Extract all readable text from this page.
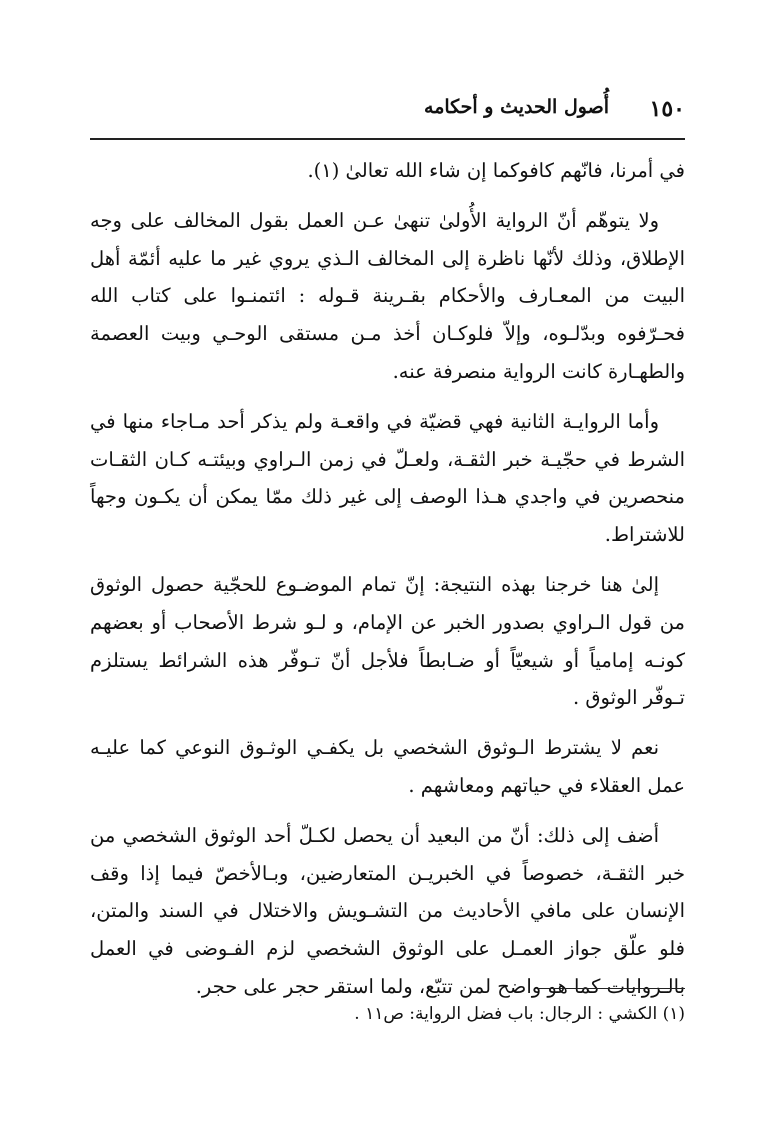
١٥٠
أُصول الحديث و أحكامه

في أمرنا، فانّهم كافوكما إن شاء الله تعالىٰ (١).

ولا يتوهّم أنّ الرواية الأُولىٰ تنهىٰ عـن العمل بقول المخالف على وجه الإطلاق، وذلك لأنّها ناظرة إلى المخالف الـذي يروي غير ما عليه أئمّة أهل البيت من المعـارف والأحكام بقـرينة قـوله : ائتمنـوا على كتاب الله فحـرّفوه وبدّلـوه، وإلاّ فلوكـان أخذ مـن مستقى الوحـي وبيت العصمة والطهـارة كانت الرواية منصرفة عنه.

وأما الروايـة الثانية فهي قضيّة في واقعـة ولم يذكر أحد مـاجاء منها في الشرط في حجّيـة خبر الثقـة، ولعـلّ في زمن الـراوي وبيئتـه كـان الثقـات منحصرين في واجدي هـذا الوصف إلى غير ذلك ممّا يمكن أن يكـون وجهاً للاشتراط.

إلىٰ هنا خرجنا بهذه النتيجة: إنّ تمام الموضـوع للحجّية حصول الوثوق من قول الـراوي بصدور الخبر عن الإمام، و لـو شرط الأصحاب أو بعضهم كونـه إمامياً أو شيعيّاً أو ضـابطاً فلأجل أنّ تـوفّر هذه الشرائط يستلزم تـوفّر الوثوق .

نعم لا يشترط الـوثوق الشخصي بل يكفـي الوثـوق النوعي كما عليـه عمل العقلاء في حياتهم ومعاشهم .

أضف إلى ذلك: أنّ من البعيد أن يحصل لكـلّ أحد الوثوق الشخصي من خبر الثقـة، خصوصاً في الخبريـن المتعارضين، وبـالأخصّ فيما إذا وقف الإنسان على مافي الأحاديث من التشـويش والاختلال في السند والمتن، فلو علّق جواز العمـل على الوثوق الشخصي لزم الفـوضى في العمل بالـروايات كما هو واضح لمن تتبّع، ولما استقر حجر على حجر.

(١) الكشي : الرجال: باب فضل الرواية: ص١١ .
